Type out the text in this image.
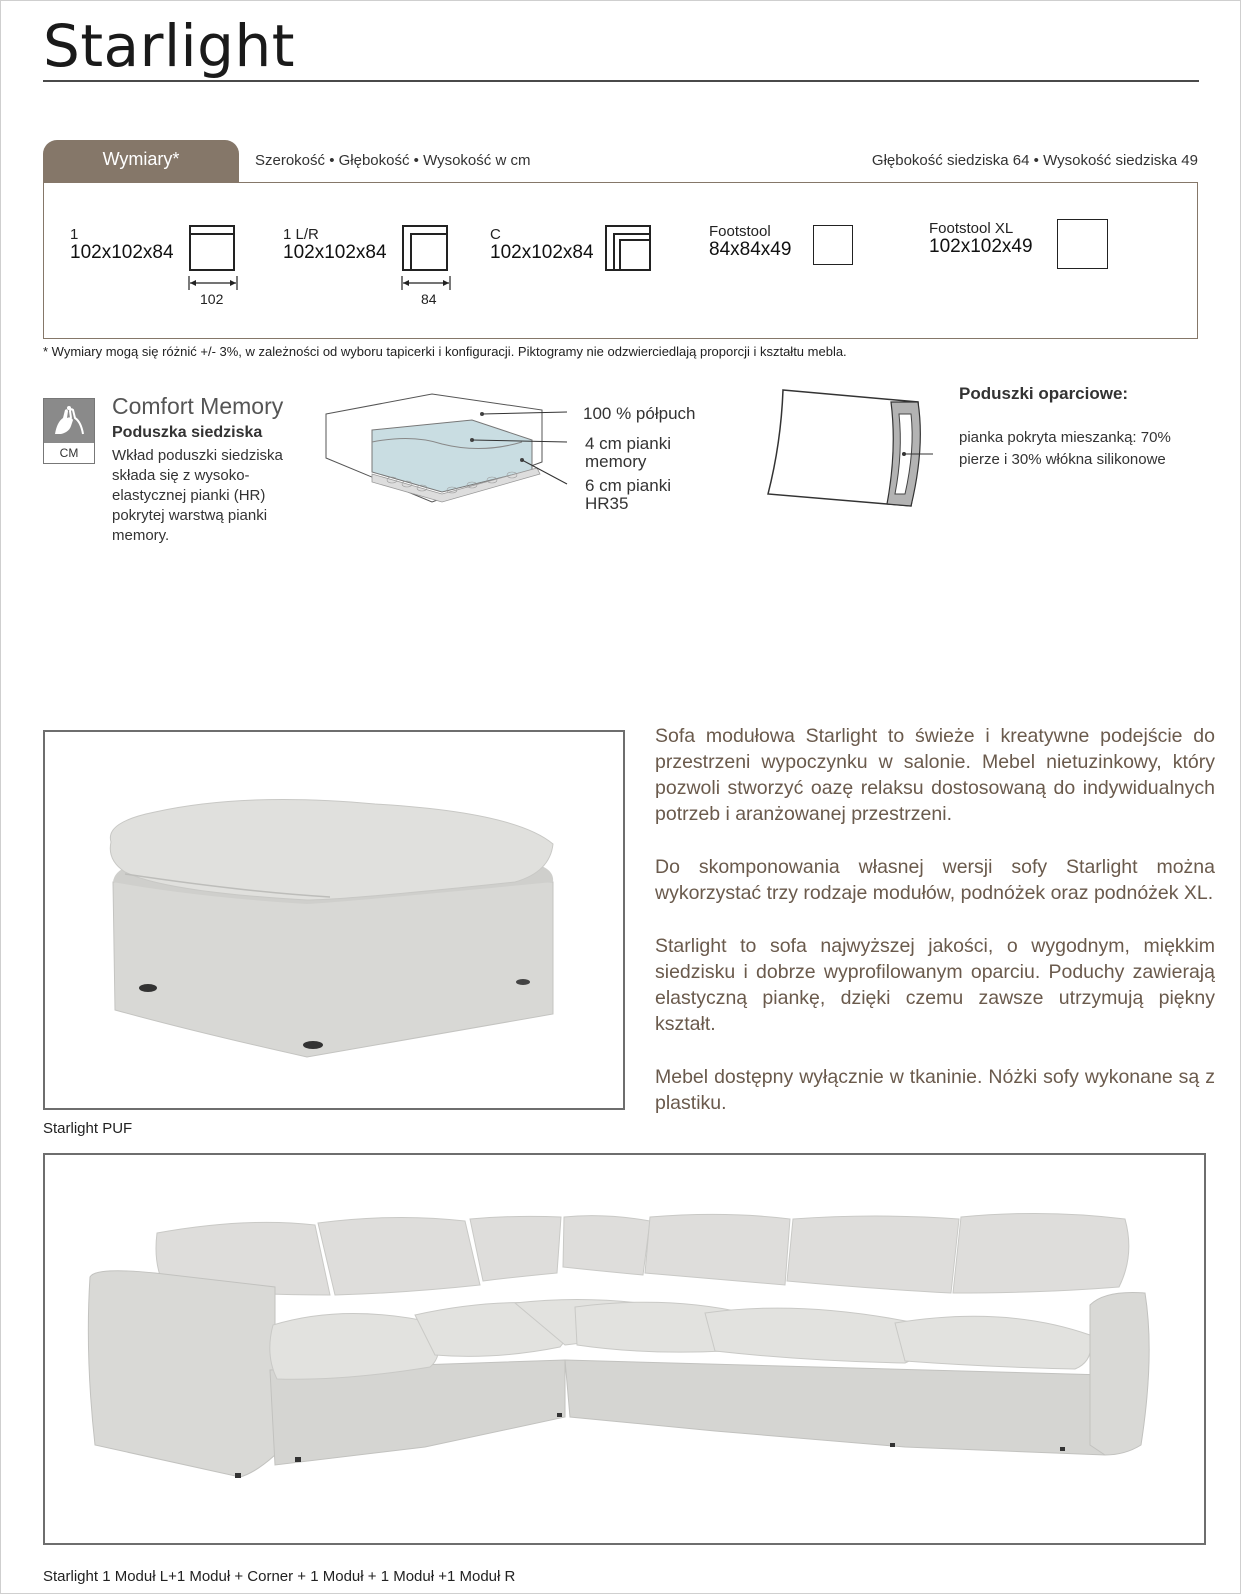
Starlight
Wymiary*	Szerokość • Głębokość • Wysokość w cm	Głębokość siedziska 64 • Wysokość siedziska 49
1
102x102x84
102
1 L/R
102x102x84
84
C
102x102x84
Footstool
84x84x49
Footstool XL
102x102x49
* Wymiary mogą się różnić +/- 3%, w zależności od wyboru tapicerki i konfiguracji. Piktogramy nie odzwierciedlają proporcji i kształtu mebla.
CM
Comfort Memory
Poduszka siedziska
Wkład poduszki siedziska składa się z wysoko-elastycznej pianki (HR) pokrytej warstwą pianki memory.
100 % półpuch
4 cm pianki memory
6 cm pianki HR35
Poduszki oparciowe:
pianka pokryta mieszanką: 70% pierze i 30% włókna silikonowe
Starlight PUF

Sofa modułowa Starlight to świeże i kreatywne podejście do przestrzeni wypoczynku w salonie. Mebel nietuzinkowy, który pozwoli stworzyć oazę relaksu dostosowaną do indywidualnych potrzeb i aranżowanej przestrzeni.

Do skomponowania własnej wersji sofy Starlight można wykorzystać trzy rodzaje modułów, podnóżek oraz podnóżek XL.

Starlight to sofa najwyższej jakości, o wygodnym, miękkim siedzisku i dobrze wyprofilowanym oparciu. Poduchy zawierają elastyczną piankę, dzięki czemu zawsze utrzymują piękny kształt.

Mebel dostępny wyłącznie w tkaninie. Nóżki sofy wykonane są z plastiku.

Starlight 1 Moduł L+1 Moduł + Corner + 1 Moduł + 1 Moduł +1 Moduł R
